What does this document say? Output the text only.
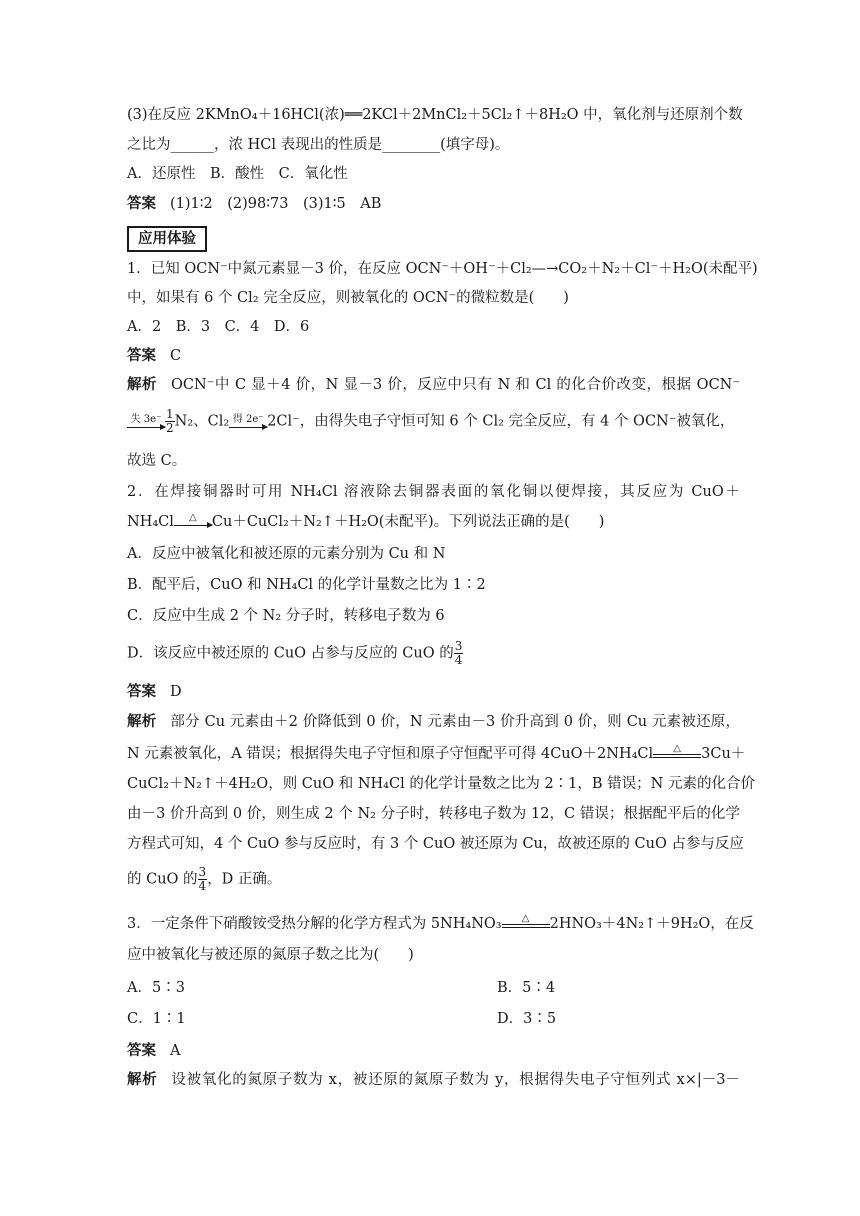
(3)在反应 2KMnO₄＋16HCl(浓)══2KCl＋2MnCl₂＋5Cl₂↑＋8H₂O 中，氧化剂与还原剂个数
之比为______，浓 HCl 表现出的性质是________(填字母)。
A．还原性　B．酸性　C．氧化性
答案 (1)1∶2　(2)98∶73　(3)1∶5　AB
应用体验
1．已知 OCN⁻中氮元素显－3 价，在反应 OCN⁻＋OH⁻＋Cl₂—→CO₂＋N₂＋Cl⁻＋H₂O(未配平)
中，如果有 6 个 Cl₂ 完全反应，则被氧化的 OCN⁻的微粒数是(　　)
A．2　B．3　C．4　D．6
答案 C
解析 OCN⁻中 C 显＋4 价，N 显－3 价，反应中只有 N 和 Cl 的化合价改变，根据 OCN⁻
失 $3e^- \frac{1}{2} N_2$、Cl₂ 得 2e⁻ 2Cl⁻，由得失电子守恒可知 6 个 Cl₂ 完全反应，有 4 个 OCN⁻被氧化，
故选 C。
2．在焊接铜器时可用 NH₄Cl 溶液除去铜器表面的氧化铜以便焊接，其反应为 CuO＋
NH₄Cl	△	Cu＋CuCl₂＋N₂↑＋H₂O(未配平)。下列说法正确的是(　　)
A．反应中被氧化和被还原的元素分别为 Cu 和 N
B．配平后，CuO 和 NH₄Cl 的化学计量数之比为 1∶2
C．反应中生成 2 个 N₂ 分子时，转移电子数为 6
D．该反应中被还原的 CuO 占参与反应的 CuO 的 $\frac{3}{4}$
答案 D
解析 部分 Cu 元素由＋2 价降低到 0 价，N 元素由－3 价升高到 0 价，则 Cu 元素被还原，
N 元素被氧化，A 错误；根据得失电子守恒和原子守恒配平可得 4CuO＋2NH₄Cl	△	3Cu＋
CuCl₂＋N₂↑＋4H₂O，则 CuO 和 NH₄Cl 的化学计量数之比为 2∶1，B 错误；N 元素的化合价
由－3 价升高到 0 价，则生成 2 个 N₂ 分子时，转移电子数为 12，C 错误；根据配平后的化学
方程式可知，4 个 CuO 参与反应时，有 3 个 CuO 被还原为 Cu，故被还原的 CuO 占参与反应
的 CuO 的 $\frac{3}{4}$ ，D 正确。
3．一定条件下硝酸铵受热分解的化学方程式为 5NH₄NO₃	△	2HNO₃＋4N₂↑＋9H₂O，在反
应中被氧化与被还原的氮原子数之比为(　　)
A．5∶3	B．5∶4
C．1∶1	D．3∶5
答案 A
解析 设被氧化的氮原子数为 x，被还原的氮原子数为 y，根据得失电子守恒列式 x×|－3－
